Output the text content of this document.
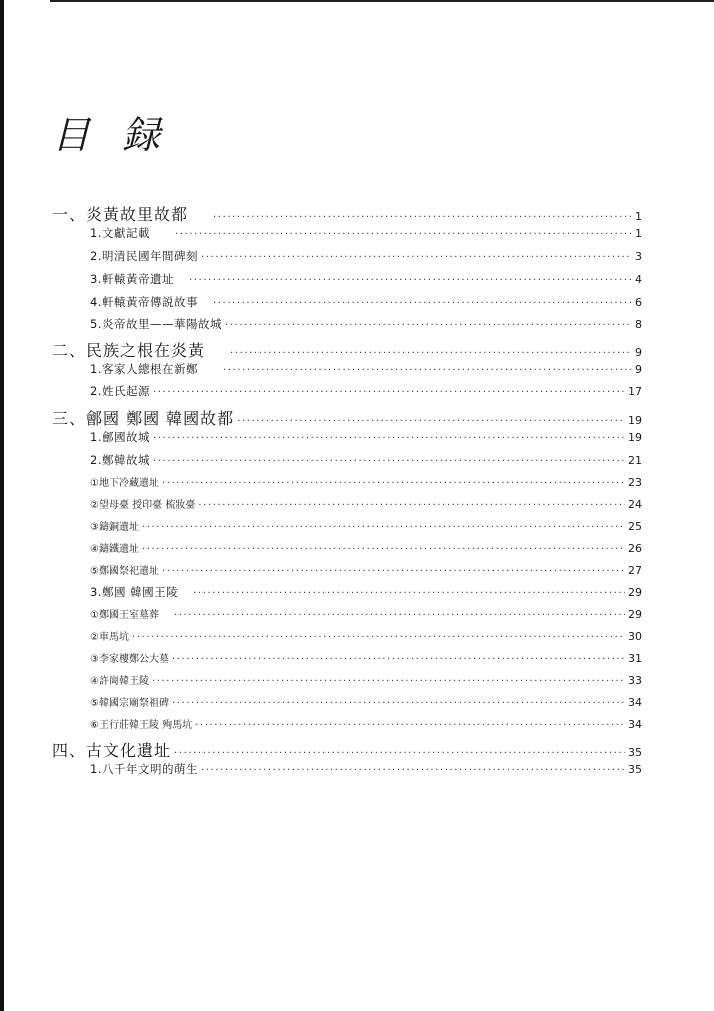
目 録
一、炎黃故里故都 ·····	1
1.文獻記載 ·····	1
2.明清民國年間碑刻 ·····	3
3.軒轅黃帝遺址 ·····	4
4.軒轅黃帝傳説故事 ·····	6
5.炎帝故里——華陽故城 ·····	8
二、民族之根在炎黃 ·····	9
1.客家人總根在新鄭 ·····	9
2.姓氏起源 ·····	17
三、鄶國 鄭國 韓國故都 ·····	19
1.鄶國故城 ·····	19
2.鄭韓故城 ·····	21
①地下冷藏遺址 ·····	23
②望母臺 授印臺 梳妝臺 ·····	24
③鑄銅遺址 ·····	25
④鑄鐵遺址 ·····	26
⑤鄭國祭祀遺址 ·····	27
3.鄭國 韓國王陵 ·····	29
①鄭國王室墓葬 ·····	29
②車馬坑 ·····	30
③李家樓鄭公大墓 ·····	31
④許崗韓王陵 ·····	33
⑤韓國宗廟祭祖碑 ·····	34
⑥王行莊韓王陵 殉馬坑 ·····	34
四、古文化遺址 ·····	35
1.八千年文明的萌生 ·····	35
